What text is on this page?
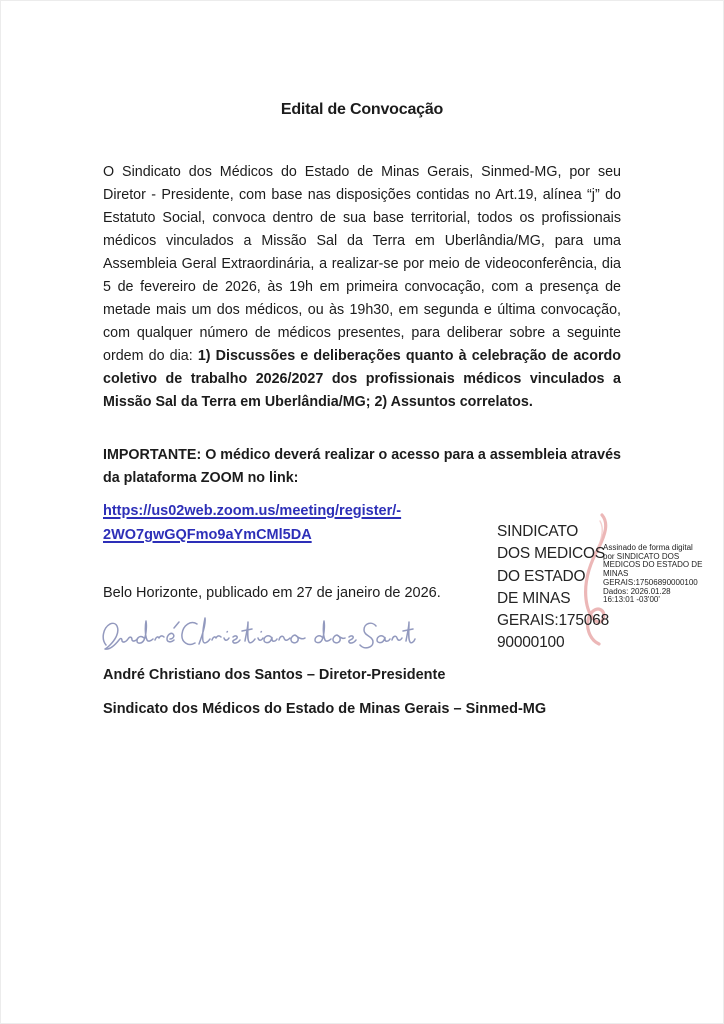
Edital de Convocação

O Sindicato dos Médicos do Estado de Minas Gerais, Sinmed-MG, por seu Diretor - Presidente, com base nas disposições contidas no Art.19, alínea “j” do Estatuto Social, convoca dentro de sua base territorial, todos os profissionais médicos vinculados a Missão Sal da Terra em Uberlândia/MG, para uma Assembleia Geral Extraordinária, a realizar-se por meio de videoconferência, dia 5 de fevereiro de 2026, às 19h em primeira convocação, com a presença de metade mais um dos médicos, ou às 19h30, em segunda e última convocação, com qualquer número de médicos presentes, para deliberar sobre a seguinte ordem do dia: 1) Discussões e deliberações quanto à celebração de acordo coletivo de trabalho 2026/2027 dos profissionais médicos vinculados a Missão Sal da Terra em Uberlândia/MG; 2) Assuntos correlatos.

IMPORTANTE: O médico deverá realizar o acesso para a assembleia através da plataforma ZOOM no link:

https://us02web.zoom.us/meeting/register/-
2WO7gwGQFmo9aYmCMl5DA	SINDICATO
DOS MEDICOS
DO ESTADO
DE MINAS
GERAIS:175068
90000100
Assinado de forma digital
por SINDICATO DOS
MEDICOS DO ESTADO DE
MINAS
GERAIS:17506890000100
Dados: 2026.01.28
16:13:01 -03'00'
Belo Horizonte, publicado em 27 de janeiro de 2026.
André Christiano dos Santos – Diretor-Presidente
Sindicato dos Médicos do Estado de Minas Gerais – Sinmed-MG
